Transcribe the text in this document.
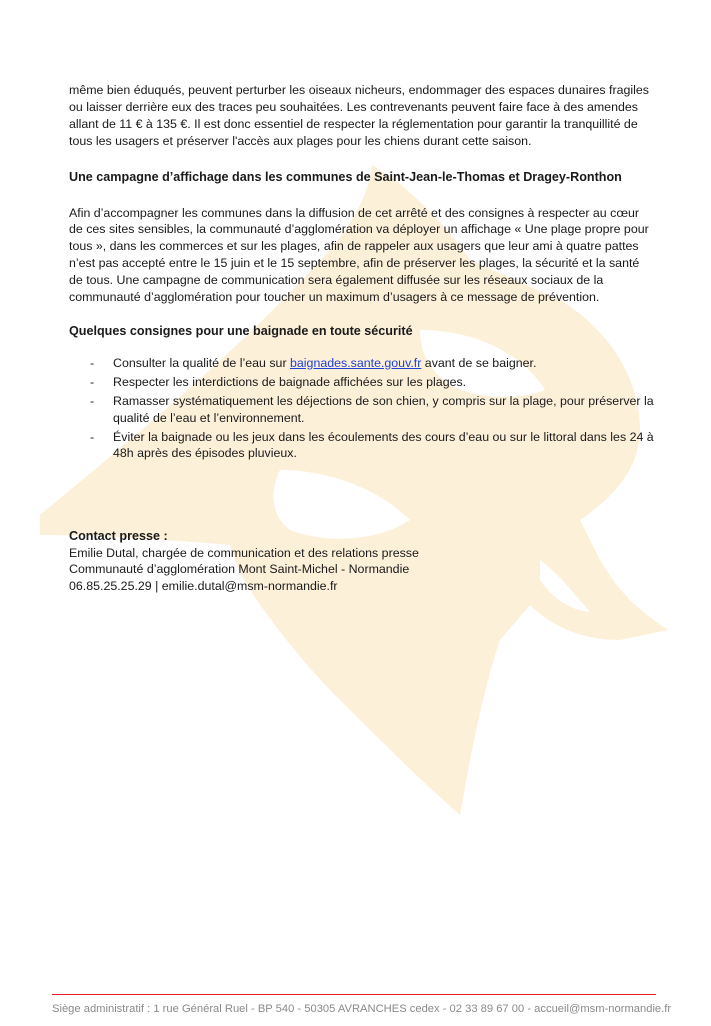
même bien éduqués, peuvent perturber les oiseaux nicheurs, endommager des espaces dunaires fragiles ou laisser derrière eux des traces peu souhaitées. Les contrevenants peuvent faire face à des amendes allant de 11 € à 135 €. Il est donc essentiel de respecter la réglementation pour garantir la tranquillité de tous les usagers et préserver l'accès aux plages pour les chiens durant cette saison.

Une campagne d’affichage dans les communes de Saint-Jean-le-Thomas et Dragey-Ronthon

Afin d’accompagner les communes dans la diffusion de cet arrêté et des consignes à respecter au cœur de ces sites sensibles, la communauté d’agglomération va déployer un affichage « Une plage propre pour tous », dans les commerces et sur les plages, afin de rappeler aux usagers que leur ami à quatre pattes n’est pas accepté entre le 15 juin et le 15 septembre, afin de préserver les plages, la sécurité et la santé de tous. Une campagne de communication sera également diffusée sur les réseaux sociaux de la communauté d’agglomération pour toucher un maximum d’usagers à ce message de prévention.

Quelques consignes pour une baignade en toute sécurité

- Consulter la qualité de l’eau sur baignades.sante.gouv.fr avant de se baigner.
- Respecter les interdictions de baignade affichées sur les plages.
- Ramasser systématiquement les déjections de son chien, y compris sur la plage, pour préserver la qualité de l’eau et l’environnement.
- Éviter la baignade ou les jeux dans les écoulements des cours d’eau ou sur le littoral dans les 24 à 48h après des épisodes pluvieux.

Contact presse :

Emilie Dutal, chargée de communication et des relations presse

Communauté d’agglomération Mont Saint-Michel - Normandie

06.85.25.25.29 | emilie.dutal@msm-normandie.fr

Siège administratif : 1 rue Général Ruel - BP 540 - 50305 AVRANCHES cedex - 02 33 89 67 00 - accueil@msm-normandie.fr
